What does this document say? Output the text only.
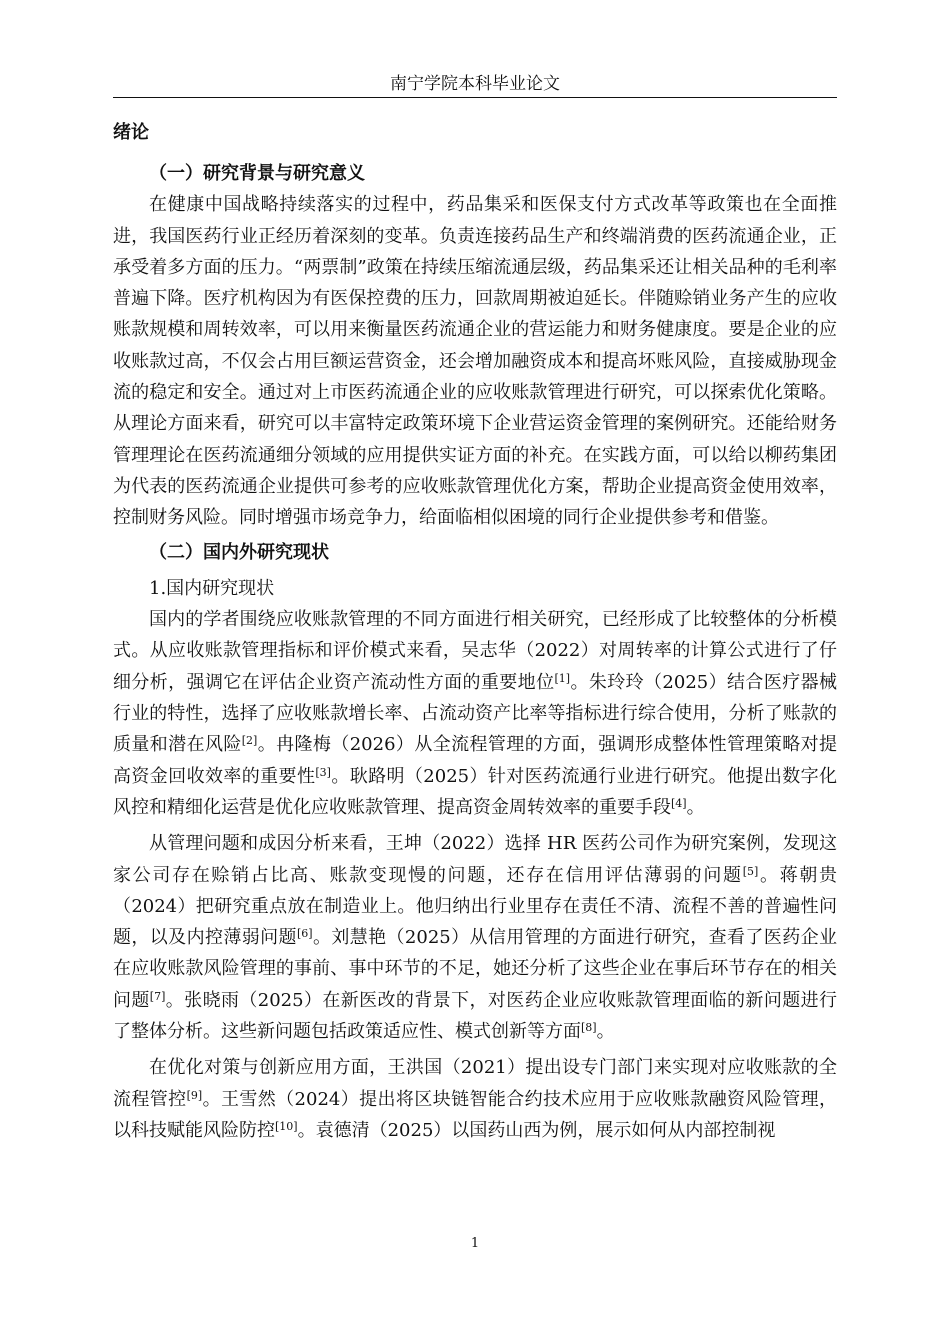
南宁学院本科毕业论文
绪论

（一）研究背景与研究意义

在健康中国战略持续落实的过程中，药品集采和医保支付方式改革等政策也在全面推进，我国医药行业正经历着深刻的变革。负责连接药品生产和终端消费的医药流通企业，正承受着多方面的压力。“两票制”政策在持续压缩流通层级，药品集采还让相关品种的毛利率普遍下降。医疗机构因为有医保控费的压力，回款周期被迫延长。伴随赊销业务产生的应收账款规模和周转效率，可以用来衡量医药流通企业的营运能力和财务健康度。要是企业的应收账款过高，不仅会占用巨额运营资金，还会增加融资成本和提高坏账风险，直接威胁现金流的稳定和安全。通过对上市医药流通企业的应收账款管理进行研究，可以探索优化策略。从理论方面来看，研究可以丰富特定政策环境下企业营运资金管理的案例研究。还能给财务管理理论在医药流通细分领域的应用提供实证方面的补充。在实践方面，可以给以柳药集团为代表的医药流通企业提供可参考的应收账款管理优化方案，帮助企业提高资金使用效率，控制财务风险。同时增强市场竞争力，给面临相似困境的同行企业提供参考和借鉴。

（二）国内外研究现状

1.国内研究现状

国内的学者围绕应收账款管理的不同方面进行相关研究，已经形成了比较整体的分析模式。从应收账款管理指标和评价模式来看，吴志华（2022）对周转率的计算公式进行了仔细分析，强调它在评估企业资产流动性方面的重要地位[1]。朱玲玲（2025）结合医疗器械行业的特性，选择了应收账款增长率、占流动资产比率等指标进行综合使用，分析了账款的质量和潜在风险[2]。冉隆梅（2026）从全流程管理的方面，强调形成整体性管理策略对提高资金回收效率的重要性[3]。耿路明（2025）针对医药流通行业进行研究。他提出数字化风控和精细化运营是优化应收账款管理、提高资金周转效率的重要手段[4]。

从管理问题和成因分析来看，王坤（2022）选择 HR 医药公司作为研究案例，发现这家公司存在赊销占比高、账款变现慢的问题，还存在信用评估薄弱的问题[5]。蒋朝贵（2024）把研究重点放在制造业上。他归纳出行业里存在责任不清、流程不善的普遍性问题，以及内控薄弱问题[6]。刘慧艳（2025）从信用管理的方面进行研究，查看了医药企业在应收账款风险管理的事前、事中环节的不足，她还分析了这些企业在事后环节存在的相关问题[7]。张晓雨（2025）在新医改的背景下，对医药企业应收账款管理面临的新问题进行了整体分析。这些新问题包括政策适应性、模式创新等方面[8]。

在优化对策与创新应用方面，王洪国（2021）提出设专门部门来实现对应收账款的全流程管控[9]。王雪然（2024）提出将区块链智能合约技术应用于应收账款融资风险管理，以科技赋能风险防控[10]。袁德清（2025）以国药山西为例，展示如何从内部控制视

1
